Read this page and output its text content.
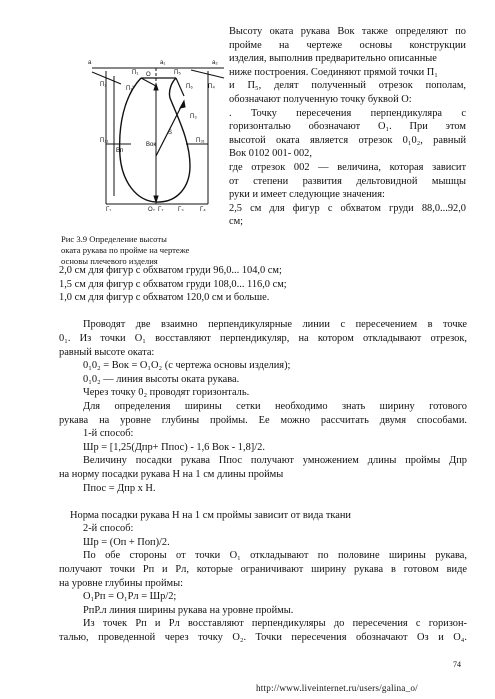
а	а₁	а₂
О
П₂
П₁
П₁'
П₅
П₆	П₄
П₂₁	П₃₁
П₃
Вп
Вок
S
Г₁	О₂ Г₂ Г₃	Г₄
Рис 3.9 Определение высоты
оката рукава по пройме на чертеже
основы плечевого изделия
Высоту оката рукава Вок также определяют по
пройме на чертеже основы конструкции
изделия, выполнив предварительно описанные
ниже построения. Соединяют прямой точки П₁
и П₅, делят полученный отрезок пополам,
обозначают полученную точку буквой О:
. Точку пересечения перпендикуляра с
горизонталью обозначают О₁. При этом
высотой оката является отрезок 0₁0₂, равный
Вок 0102 001- 002,
где отрезок 002 — величина, которая зависит
от степени развития дельтовидной мышцы
руки и имеет следующие значения:
2,5 см для фигур с обхватом груди 88,0...92,0
см;
2,0 см для фигур с обхватом груди 96,0... 104,0 см;
1,5 см для фигур с обхватом груди 108,0... 116,0 см;
1,0 см для фигур с обхватом 120,0 см и больше.
Проводят две взаимно перпендикулярные линии с пересечением в точке
0₁. Из точки О₁ восставляют перпендикуляр, на котором откладывают отрезок,
равный высоте оката:
0₁0₂ = Вок = О₁О₂ (с чертежа основы изделия);
0₁0₂ — линия высоты оката рукава.
Через точку 0₂ проводят горизонталь.
Для определения ширины сетки необходимо знать ширину готового
рукава на уровне глубины проймы. Ее можно рассчитать двумя способами.
1-й способ:
Шр = [1,25(Дпр+ Ппос) - 1,6 Вок - 1,8]/2.
Величину посадки рукава Ппос получают умножением длины проймы Дпр
на норму посадки рукава Н на 1 см длины проймы
Ппос = Дпр х Н.
Норма посадки рукава Н на 1 см проймы зависит от вида ткани
2-й способ:
Шр = (Оп + Поп)/2.
По обе стороны от точки О₁ откладывают по половине ширины рукава,
получают точки Рп и Рл, которые ограничивают ширину рукава в готовом виде
на уровне глубины проймы:
О₁Рп = О₁Рл = Шр/2;
РпР.л линия ширины рукава на уровне проймы.
Из точек Рп и Рл восставляют перпендикуляры до пересечения с горизон-
талью, проведенной через точку О₂. Точки пересечения обозначают Оз и О₄.
74
http://www.liveinternet.ru/users/galina_o/
